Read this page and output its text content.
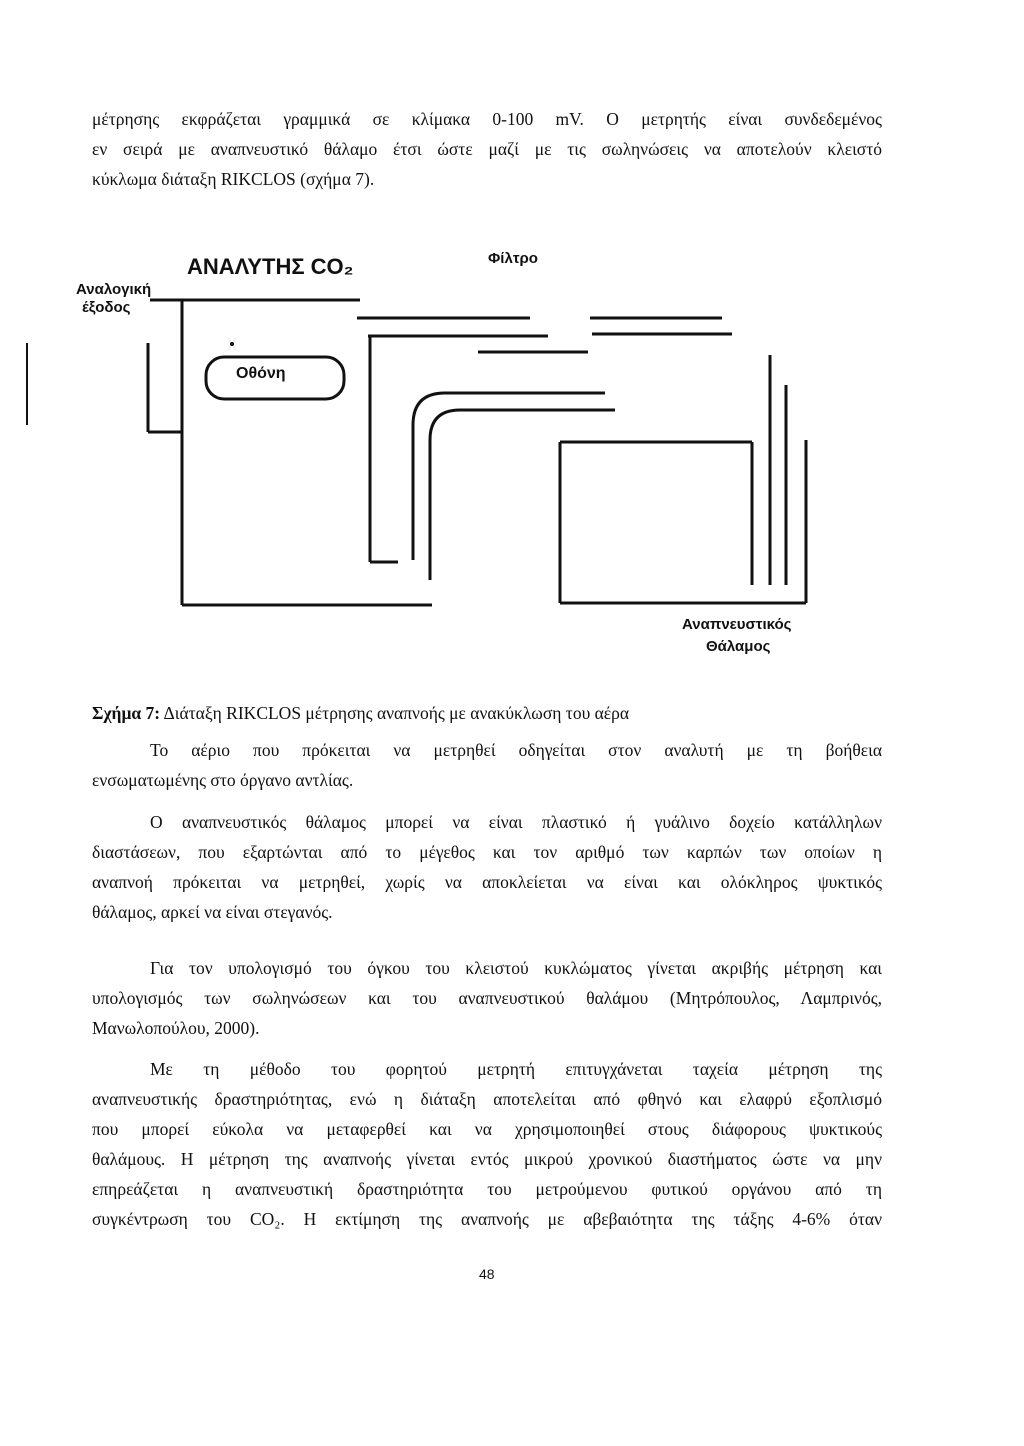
μέτρησης εκφράζεται γραμμικά σε κλίμακα 0-100 mV. Ο μετρητής είναι συνδεδεμένος
εν σειρά με αναπνευστικό θάλαμο έτσι ώστε μαζί με τις σωληνώσεις να αποτελούν κλειστό
κύκλωμα διάταξη RIKCLOS (σχήμα 7).
ΑΝΑΛΥΤΗΣ CO₂	Φίλτρο
Αναλογική
έξοδος
Οθόνη
Αναπνευστικός
Θάλαμος
Σχήμα 7: Διάταξη RIKCLOS μέτρησης αναπνοής με ανακύκλωση του αέρα
Το αέριο που πρόκειται να μετρηθεί οδηγείται στον αναλυτή με τη βοήθεια
ενσωματωμένης στο όργανο αντλίας.
Ο αναπνευστικός θάλαμος μπορεί να είναι πλαστικό ή γυάλινο δοχείο κατάλληλων
διαστάσεων, που εξαρτώνται από το μέγεθος και τον αριθμό των καρπών των οποίων η
αναπνοή πρόκειται να μετρηθεί, χωρίς να αποκλείεται να είναι και ολόκληρος ψυκτικός
θάλαμος, αρκεί να είναι στεγανός.
Για τον υπολογισμό του όγκου του κλειστού κυκλώματος γίνεται ακριβής μέτρηση και
υπολογισμός των σωληνώσεων και του αναπνευστικού θαλάμου (Μητρόπουλος, Λαμπρινός,
Μανωλοπούλου, 2000).
Με τη μέθοδο του φορητού μετρητή επιτυγχάνεται ταχεία μέτρηση της
αναπνευστικής δραστηριότητας, ενώ η διάταξη αποτελείται από φθηνό και ελαφρύ εξοπλισμό
που μπορεί εύκολα να μεταφερθεί και να χρησιμοποιηθεί στους διάφορους ψυκτικούς
θαλάμους. Η μέτρηση της αναπνοής γίνεται εντός μικρού χρονικού διαστήματος ώστε να μην
επηρεάζεται η αναπνευστική δραστηριότητα του μετρούμενου φυτικού οργάνου από τη
συγκέντρωση του CO₂. Η εκτίμηση της αναπνοής με αβεβαιότητα της τάξης 4-6% όταν
48
